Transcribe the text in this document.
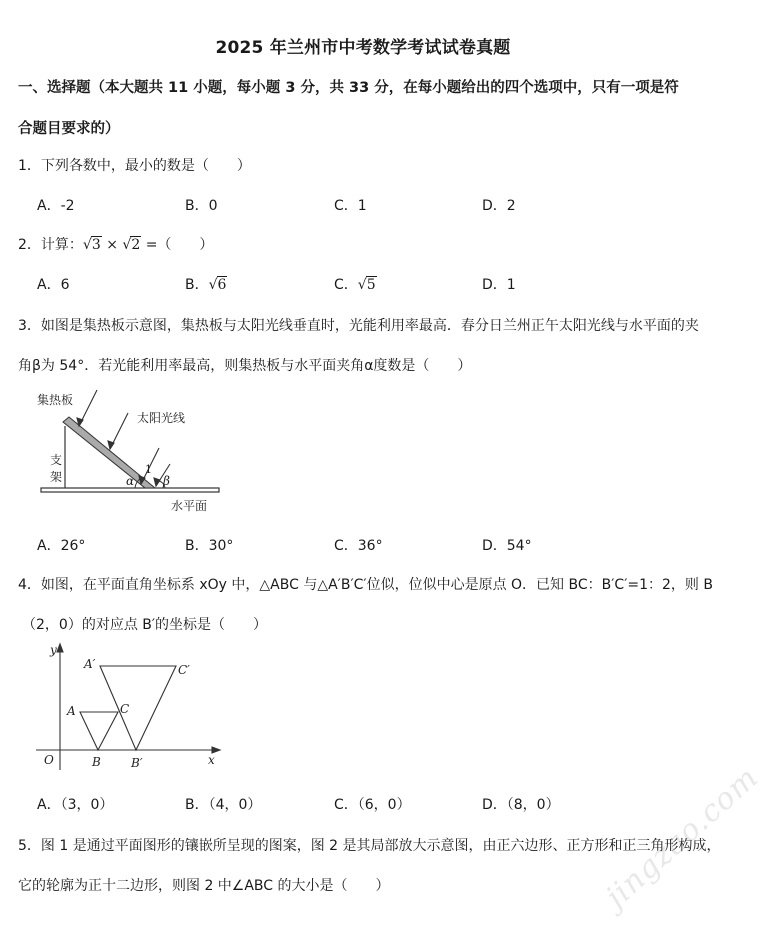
2025 年兰州市中考数学考试试卷真题
一、选择题（本大题共 11 小题，每小题 3 分，共 33 分，在每小题给出的四个选项中，只有一项是符
合题目要求的）
1．下列各数中，最小的数是（　　）
A．‑2	B．0	C．1	D．2
2．计算：√3 × √2 =（　　）
A．6	B．√6	C．√5	D．1
3．如图是集热板示意图，集热板与太阳光线垂直时，光能利用率最高．春分日兰州正午太阳光线与水平面的夹
角β为 54°．若光能利用率最高，则集热板与水平面夹角α度数是（　　）
集热板
太阳光线
支
架
1
α β
水平面
A．26°	B．30°	C．36°	D．54°
4．如图，在平面直角坐标系 xOy 中，△ABC 与△A′B′C′位似，位似中心是原点 O．已知 BC：B′C′=1：2，则 B
（2，0）的对应点 B′的坐标是（　　）
y
x
O
A
B
C
A′
B′
C′
A．（3，0）	B．（4，0）	C．（6，0）	D．（8，0）
5．图 1 是通过平面图形的镶嵌所呈现的图案，图 2 是其局部放大示意图，由正六边形、正方形和正三角形构成，
它的轮廓为正十二边形，则图 2 中∠ABC 的大小是（　　）	jingzao.com
